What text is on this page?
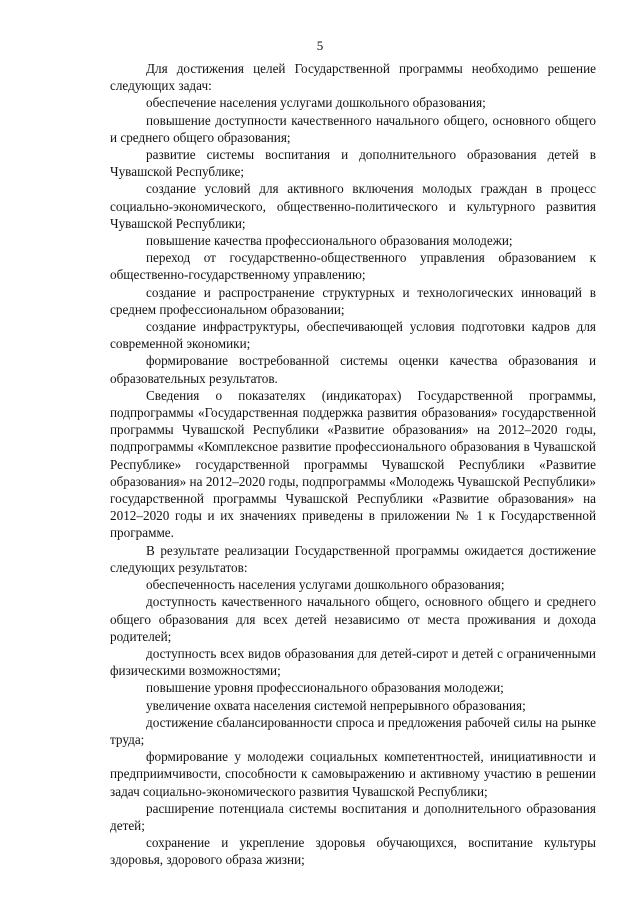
5

Для достижения целей Государственной программы необходимо решение следующих задач:

обеспечение населения услугами дошкольного образования;

повышение доступности качественного начального общего, основного общего и среднего общего образования;

развитие системы воспитания и дополнительного образования детей в Чувашской Республике;

создание условий для активного включения молодых граждан в процесс социально-экономического, общественно-политического и культурного развития Чувашской Республики;

повышение качества профессионального образования молодежи;

переход от государственно-общественного управления образованием к общественно-государственному управлению;

создание и распространение структурных и технологических инноваций в среднем профессиональном образовании;

создание инфраструктуры, обеспечивающей условия подготовки кадров для современной экономики;

формирование востребованной системы оценки качества образования и образовательных результатов.

Сведения о показателях (индикаторах) Государственной программы, подпрограммы «Государственная поддержка развития образования» государственной программы Чувашской Республики «Развитие образования» на 2012–2020 годы, подпрограммы «Комплексное развитие профессионального образования в Чувашской Республике» государственной программы Чувашской Республики «Развитие образования» на 2012–2020 годы, подпрограммы «Молодежь Чувашской Республики» государственной программы Чувашской Республики «Развитие образования» на 2012–2020 годы и их значениях приведены в приложении № 1 к Государственной программе.

В результате реализации Государственной программы ожидается достижение следующих результатов:

обеспеченность населения услугами дошкольного образования;

доступность качественного начального общего, основного общего и среднего общего образования для всех детей независимо от места проживания и дохода родителей;

доступность всех видов образования для детей-сирот и детей с ограниченными физическими возможностями;

повышение уровня профессионального образования молодежи;

увеличение охвата населения системой непрерывного образования;

достижение сбалансированности спроса и предложения рабочей силы на рынке труда;

формирование у молодежи социальных компетентностей, инициативности и предприимчивости, способности к самовыражению и активному участию в решении задач социально-экономического развития Чувашской Республики;

расширение потенциала системы воспитания и дополнительного образования детей;

сохранение и укрепление здоровья обучающихся, воспитание культуры здоровья, здорового образа жизни;
